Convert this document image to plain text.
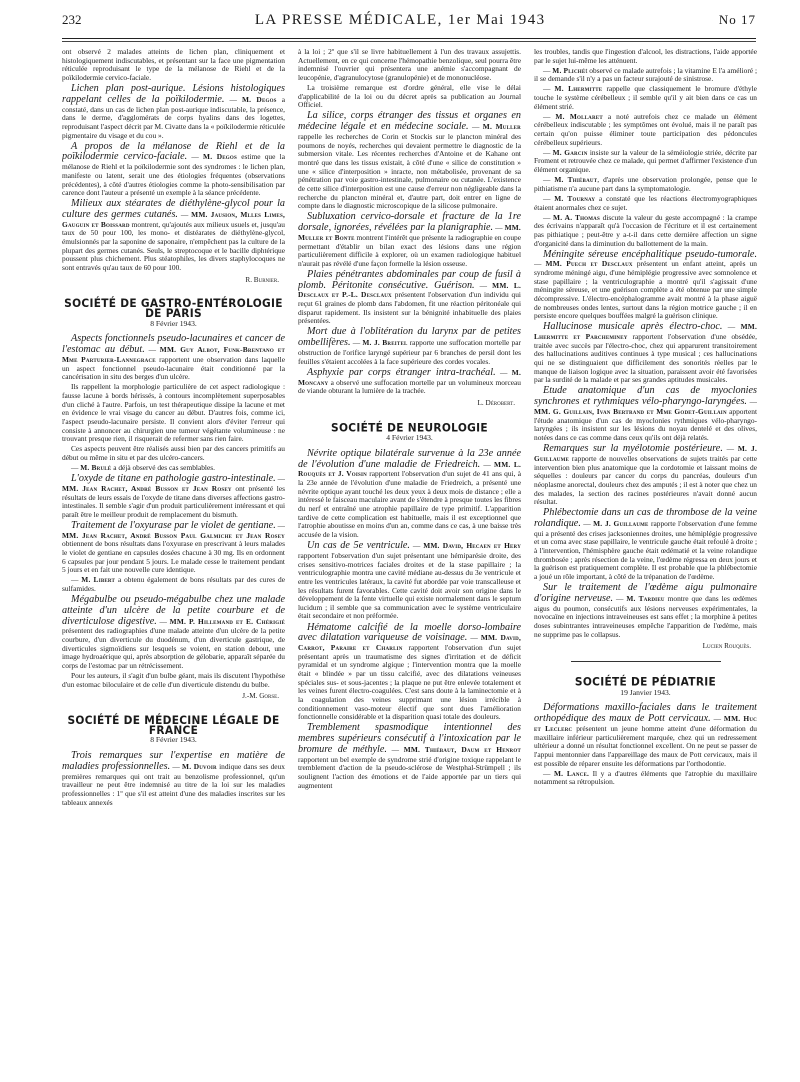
232	LA PRESSE MÉDICALE, 1er Mai 1943	No 17

ont observé 2 malades atteints de lichen plan, cliniquement et histologiquement indiscutables, et présentant sur la face une pigmentation réticulée reproduisant le type de la mélanose de Riehl et de la poïkilodermie cervico-faciale.

Lichen plan post-aurique. Lésions histologiques rappelant celles de la poïkilodermie. — M. Degos a constaté, dans un cas de lichen plan post-aurique indiscutable, la présence, dans le derme, d'agglomérats de corps hyalins dans des logettes, reproduisant l'aspect décrit par M. Civatte dans la « poïkilodermie réticulée pigmentaire du visage et du cou ».

A propos de la mélanose de Riehl et de la poïkilodermie cervico-faciale. — M. Degos estime que la mélanose de Riehl et la poïkilodermie sont des syndromes : le lichen plan, manifeste ou latent, serait une des étiologies fréquentes (observations précédentes), à côté d'autres étiologies comme la photo-sensibilisation par carence dont l'auteur a présenté un exemple à la séance précédente.

Milieux aux stéarates de diéthylène-glycol pour la culture des germes cutanés. — MM. Jausion, Mlles Limes, Gauguin et Boissard montrent, qu'ajoutés aux milieux usuels et, jusqu'au taux de 50 pour 100, les mono- et distéarates de diéthylène-glycol, émulsionnés par la saponine de saponaire, n'empêchent pas la culture de la plupart des germes cutanés. Seuls, le streptocoque et le bacille diphtérique poussent plus chichement. Plus stéatophiles, les divers staphylocoques ne sont entravés qu'au taux de 60 pour 100.

R. Burnier.
SOCIÉTÉ DE GASTRO-ENTÉROLOGIE DE PARIS
8 Février 1943.

Aspects fonctionnels pseudo-lacunaires et cancer de l'estomac au début. — MM. Guy Albot, Funk-Brentano et Mme Parturier-Lannegrace rapportent une observation dans laquelle un aspect fonctionnel pseudo-lacunaire était conditionné par la cancérisation in situ des berges d'un ulcère.

Ils rappellent la morphologie particulière de cet aspect radiologique : fausse lacune à bords hérissés, à contours incomplètement superposables d'un cliché à l'autre. Parfois, un test thérapeutique dissipe la lacune et met en évidence le vrai visage du cancer au début. D'autres fois, comme ici, l'aspect pseudo-lacunaire persiste. Il convient alors d'éviter l'erreur qui consiste à annoncer au chirurgien une tumeur végétante volumineuse : ne trouvant presque rien, il risquerait de refermer sans rien faire.

Ces aspects peuvent être réalisés aussi bien par des cancers primitifs au début ou même in situ et par des ulcéro-cancers.

— M. Brulé a déjà observé des cas semblables.

L'oxyde de titane en pathologie gastro-intestinale. — MM. Jean Rachet, André Busson et Jean Rosey ont présenté les résultats de leurs essais de l'oxyde de titane dans diverses affections gastro-intestinales. Il semble s'agir d'un produit particulièrement intéressant et qui paraît être le meilleur produit de remplacement du bismuth.

Traitement de l'oxyurase par le violet de gentiane. — MM. Jean Rachet, André Busson Paul Galmiche et Jean Rosey obtiennent de bons résultats dans l'oxyurase en prescrivant à leurs malades le violet de gentiane en capsules dosées chacune à 30 mg. Ils en ordonnent 6 capsules par jour pendant 5 jours. Le malade cesse le traitement pendant 5 jours et en fait une nouvelle cure identique.

— M. Libert a obtenu également de bons résultats par des cures de sulfamides.

Mégabulbe ou pseudo-mégabulbe chez une malade atteinte d'un ulcère de la petite courbure et de diverticulose digestive. — MM. P. Hillemand et E. Chérigié présentent des radiographies d'une malade atteinte d'un ulcère de la petite courbure, d'un diverticule du duodénum, d'un diverticule gastrique, de diverticules sigmoïdiens sur lesquels se voient, en station debout, une image hydroaérique qui, après absorption de gélobarie, apparaît séparée du corps de l'estomac par un rétrécissement.

Pour les auteurs, il s'agit d'un bulbe géant, mais ils discutent l'hypothèse d'un estomac biloculaire et de celle d'un diverticule distendu du bulbe.

J.-M. Gorse.
SOCIÉTÉ DE MÉDECINE LÉGALE DE FRANCE
8 Février 1943.

Trois remarques sur l'expertise en matière de maladies professionnelles. — M. Duvoir indique dans ses deux premières remarques qui ont trait au benzolisme professionnel, qu'un travailleur ne peut être indemnisé au titre de la loi sur les maladies professionnelles : 1º que s'il est atteint d'une des maladies inscrites sur les tableaux annexés

à la loi ; 2º que s'il se livre habituellement à l'un des travaux assujettis. Actuellement, en ce qui concerne l'hémopathie benzolique, seul pourra être indemnisé l'ouvrier qui présentera une anémie s'accompagnant de leucopénie, d'agranulocytose (granulopénie) et de mononucléose.

La troisième remarque est d'ordre général, elle vise le délai d'applicabilité de la loi ou du décret après sa publication au Journal Officiel.

La silice, corps étranger des tissus et organes en médecine légale et en médecine sociale. — M. Muller rappelle les recherches de Corin et Stockis sur le plancton minéral des poumons de noyés, recherches qui devaient permettre le diagnostic de la submersion vitale. Les récentes recherches d'Antoine et de Kahane ont montré que dans les tissus existait, à côté d'une « silice de constitution » une « silice d'interposition » inracte, non métabolisée, provenant de sa pénétration par voie gastro-intestinale, pulmonaire ou cutanée. L'existence de cette silice d'interposition est une cause d'erreur non négligeable dans la recherche du plancton minéral et, d'autre part, doit entrer en ligne de compte dans le diagnostic microscopique de la silicose pulmonaire.

Subluxation cervico-dorsale et fracture de la 1re dorsale, ignorées, révélées par la planigraphie. — MM. Muller et Bonte montrent l'intérêt que présente la radiographie en coupe permettant d'établir un bilan exact des lésions dans une région particulièrement difficile à explorer, où un examen radiologique habituel n'aurait pas révélé d'une façon formelle la lésion osseuse.

Plaies pénétrantes abdominales par coup de fusil à plomb. Péritonite consécutive. Guérison. — MM. L. Desclaux et P.-L. Desclaux présentent l'observation d'un individu qui reçut 61 graines de plomb dans l'abdomen, fit une réaction péritonéale qui disparut rapidement. Ils insistent sur la bénignité inhabituelle des plaies présentées.

Mort due à l'oblitération du larynx par de petites ombellifères. — M. J. Breitel rapporte une suffocation mortelle par obstruction de l'orifice laryngé supérieur par 6 branches de persil dont les feuilles s'étaient accolées à la face supérieure des cordes vocales.

Asphyxie par corps étranger intra-trachéal. — M. Moncany a observé une suffocation mortelle par un volumineux morceau de viande obturant la lumière de la trachée.

L. Dérobert.
SOCIÉTÉ DE NEUROLOGIE
4 Février 1943.

Névrite optique bilatérale survenue à la 23e année de l'évolution d'une maladie de Friedreich. — MM. L. Rouquès et J. Voisin rapportent l'observation d'un sujet de 41 ans qui, à la 23e année de l'évolution d'une maladie de Friedreich, a présenté une névrite optique ayant touché les deux yeux à deux mois de distance ; elle a intéressé le faisceau maculaire avant de s'étendre à presque toutes les fibres du nerf et entraîné une atrophie papillaire de type primitif. L'apparition tardive de cette complication est habituelle, mais il est exceptionnel que l'atrophie aboutisse en moins d'un an, comme dans ce cas, à une baisse très accusée de la vision.

Un cas de 5e ventricule. — MM. David, Hecaen et Hery rapportent l'observation d'un sujet présentant une hémiparésie droite, des crises sensitivo-motrices faciales droites et de la stase papillaire ; la ventriculographie montra une cavité médiane au-dessus du 3e ventricule et entre les ventricules latéraux, la cavité fut abordée par voie transcalleuse et les résultats furent favorables. Cette cavité doit avoir son origine dans le développement de la fente virtuelle qui existe normalement dans le septum lucidum ; il semble que sa communication avec le système ventriculaire était secondaire et non préformée.

Hématome calcifié de la moelle dorso-lombaire avec dilatation variqueuse de voisinage. — MM. David, Carrot, Paraire et Charlin rapportent l'observation d'un sujet présentant après un traumatisme des signes d'irritation et de déficit pyramidal et un syndrome algique ; l'intervention montra que la moelle était « blindée » par un tissu calcifié, avec des dilatations veineuses spéciales sus- et sous-jacentes ; la plaque ne put être enlevée totalement et les veines furent électro-coagulées. C'est sans doute à la laminectomie et à la coagulation des veines supprimant une lésion irrécible à conditionnement vaso-moteur électif que sont dues l'amélioration fonctionnelle considérable et la disparition quasi totale des douleurs.

Tremblement spasmodique intentionnel des membres supérieurs consécutif à l'intoxication par le bromure de méthyle. — MM. Thiébaut, Daum et Henrot rapportent un bel exemple de syndrome strié d'origine toxique rappelant le tremblement d'action de la pseudo-sclérose de Westphal-Strümpell ; ils soulignent l'action des émotions et de l'aide apportée par un tiers qui augmentent

les troubles, tandis que l'ingestion d'alcool, les distractions, l'aide apportée par le sujet lui-même les atténuent.

— M. Plichét observé ce malade autrefois ; la vitamine E l'a amélioré ; il se demande s'il n'y a pas un facteur surajouté de sinistrose.

— M. Lhermitte rappelle que classiquement le bromure d'éthyle touche le système cérébelleux ; il semble qu'il y ait bien dans ce cas un élément strié.

— M. Mollaret a noté autrefois chez ce malade un élément cérébelleux indiscutable ; les symptômes ont évolué, mais il ne paraît pas certain qu'on puisse éliminer toute participation des pédoncules cérébelleux supérieurs.

— M. Garcin insiste sur la valeur de la séméiologie striée, décrite par Froment et retrouvée chez ce malade, qui permet d'affirmer l'existence d'un élément organique.

— M. Thiébaut, d'après une observation prolongée, pense que le pithiatisme n'a aucune part dans la symptomatologie.

— M. Tournay a constaté que les réactions électromyographiques étaient anormales chez ce sujet.

— M. A. Thomas discute la valeur du geste accompagné : la crampe des écrivains n'apparaît qu'à l'occasion de l'écriture et il est certainement pas pithiatique ; peut-être y a-t-il dans cette dernière affection un signe d'organicité dans la diminution du ballottement de la main.

Méningite séreuse encéphalitique pseudo-tumorale. — MM. Puech et Desclaux présentent un enfant atteint, après un syndrome méningé aigu, d'une hémiplégie progressive avec somnolence et stase papillaire ; la ventriculographie a montré qu'il s'agissait d'une méningite séreuse, et une guérison complète a été obtenue par une simple décompressive. L'électro-encéphalogramme avait montré à la phase aiguë de nombreuses ondes lentes, surtout dans la région motrice gauche ; il en persiste encore quelques bouffées malgré la guérison clinique.

Hallucinose musicale après électro-choc. — MM. Lhermitte et Parcheminey rapportent l'observation d'une obsédée, traitée avec succès par l'électro-choc, chez qui apparurent transitoirement des hallucinations auditives continues à type musical ; ces hallucinations qui ne se distinguaient que difficilement des sonorités réelles par le manque de liaison logique avec la situation, paraissent avoir été favorisées par la surdité de la malade et par ses grandes aptitudes musicales.

Etude anatomique d'un cas de myoclonies synchrones et rythmiques vélo-pharyngo-laryngées. — MM. G. Guillain, Ivan Bertrand et Mme Godet-Guillain apportent l'étude anatomique d'un cas de myoclonies rythmiques vélo-pharyngo-laryngées ; ils insistent sur les lésions du noyau dentelé et des olives, notées dans ce cas comme dans ceux qu'ils ont déjà relatés.

Remarques sur la myélotomie postérieure. — M. J. Guillaume rapporte de nouvelles observations de sujets traités par cette intervention bien plus anatomique que la cordotomie et laissant moins de séquelles : douleurs par cancer du corps du pancréas, douleurs d'un néoplasme anorectal, douleurs chez des amputés ; il est à noter que chez un des malades, la section des racines postérieures n'avait donné aucun résultat.

Phlébectomie dans un cas de thrombose de la veine rolandique. — M. J. Guillaume rapporte l'observation d'une femme qui a présenté des crises jacksoniennes droites, une hémiplégie progressive et un coma avec stase papillaire, le ventricule gauche était refoulé à droite ; à l'intervention, l'hémisphère gauche était œdématié et la veine rolandique thrombosée ; après résection de la veine, l'œdème régressa en deux jours et la guérison est pratiquement complète. Il est probable que la phlébectomie a joué un rôle important, à côté de la trépanation de l'œdème.

Sur le traitement de l'œdème aigu pulmonaire d'origine nerveuse. — M. Tardieu montre que dans les œdèmes aigus du poumon, consécutifs aux lésions nerveuses expérimentales, la novocaïne en injections intraveineuses est sans effet ; la morphine à petites doses subintrantes intraveineuses empêche l'apparition de l'œdème, mais ne supprime pas le collapsus.

Lucien Rouquès.
SOCIÉTÉ DE PÉDIATRIE
19 Janvier 1943.

Déformations maxillo-faciales dans le traitement orthopédique des maux de Pott cervicaux. — MM. Huc et Leclerc présentent un jeune homme atteint d'une déformation du maxillaire inférieur particulièrement marquée, chez qui un redressement ultérieur a donné un résultat fonctionnel excellent. On ne peut se passer de l'appui mentonnier dans l'appareillage des maux de Pott cervicaux, mais il est possible de réparer ensuite les déformations par l'orthodontie.

— M. Lance. Il y a d'autres éléments que l'atrophie du maxillaire notamment sa rétropulsion.
